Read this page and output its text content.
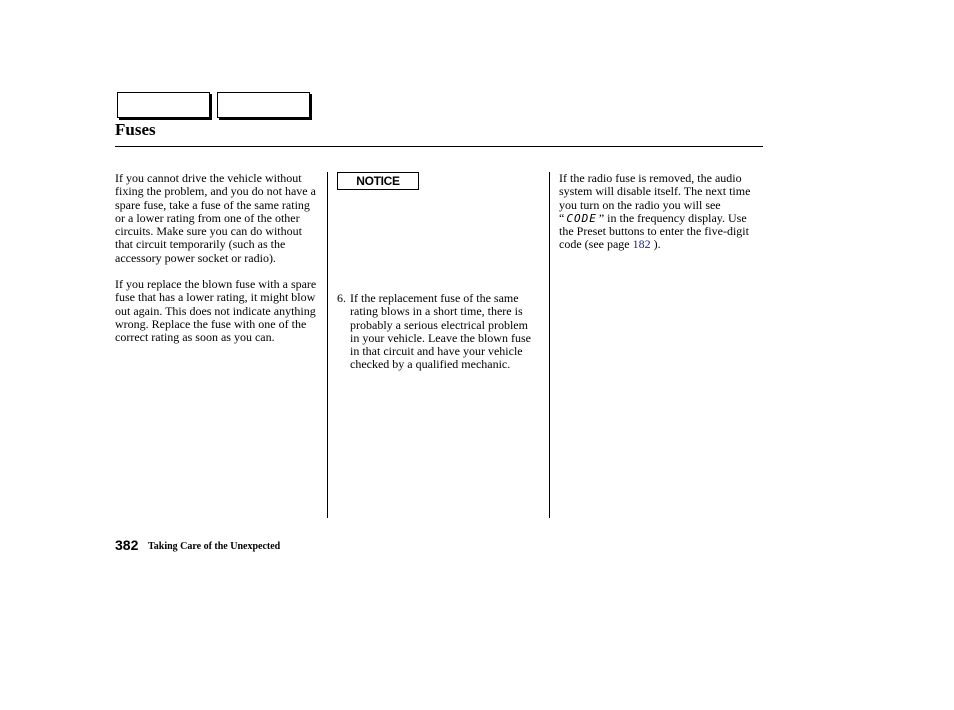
Fuses

If you cannot drive the vehicle without fixing the problem, and you do not have a spare fuse, take a fuse of the same rating or a lower rating from one of the other circuits. Make sure you can do without that circuit temporarily (such as the accessory power socket or radio).

If you replace the blown fuse with a spare fuse that has a lower rating, it might blow out again. This does not indicate anything wrong. Replace the fuse with one of the correct rating as soon as you can.

NOTICE
6. If the replacement fuse of the same rating blows in a short time, there is probably a serious electrical problem in your vehicle. Leave the blown fuse in that circuit and have your vehicle checked by a qualified mechanic.

If the radio fuse is removed, the audio system will disable itself. The next time you turn on the radio you will see “ CODE ” in the frequency display. Use the Preset buttons to enter the five-digit code (see page 182 ).

382 Taking Care of the Unexpected
